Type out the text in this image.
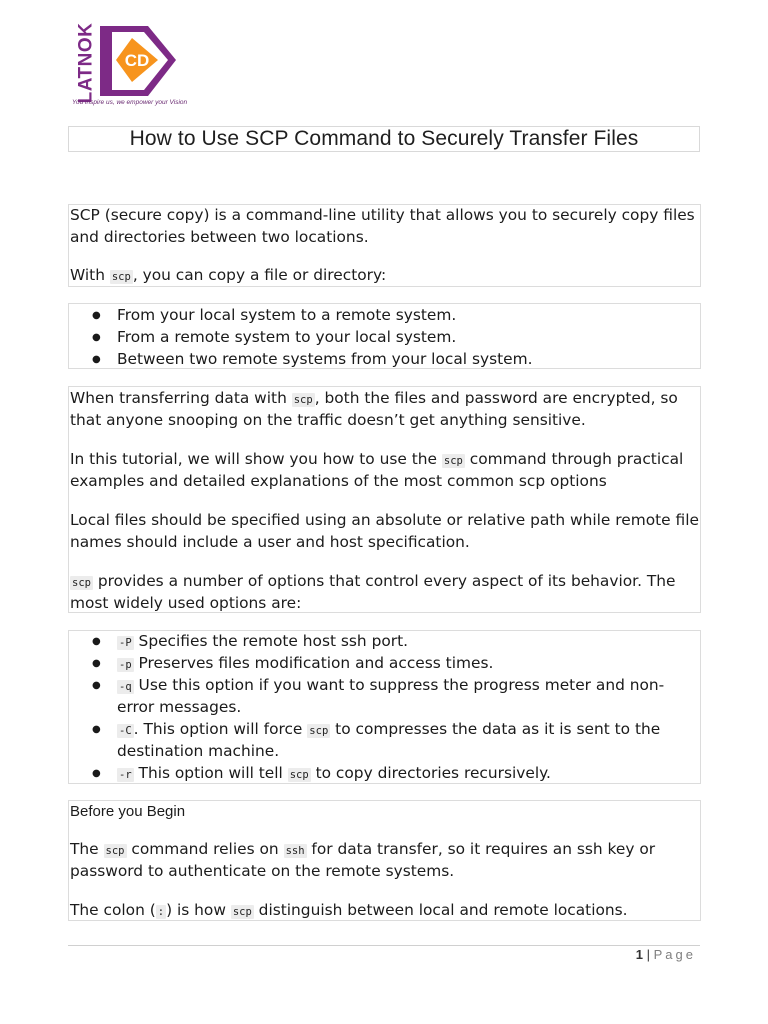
LATNOK CD
You inspire us, we empower your Vision
How to Use SCP Command to Securely Transfer Files
SCP (secure copy) is a command-line utility that allows you to securely copy files
and directories between two locations.
With scp , you can copy a file or directory:
● From your local system to a remote system.
● From a remote system to your local system.
● Between two remote systems from your local system.
When transferring data with scp , both the files and password are encrypted, so
that anyone snooping on the traffic doesn’t get anything sensitive.
In this tutorial, we will show you how to use the scp command through practical
examples and detailed explanations of the most common scp options
Local files should be specified using an absolute or relative path while remote file
names should include a user and host specification.
scp provides a number of options that control every aspect of its behavior. The
most widely used options are:
● -P Specifies the remote host ssh port.
● -p Preserves files modification and access times.
● -q Use this option if you want to suppress the progress meter and non-
error messages.
● -C . This option will force scp to compresses the data as it is sent to the
destination machine.
● -r This option will tell scp to copy directories recursively.
Before you Begin
The scp command relies on ssh for data transfer, so it requires an ssh key or
password to authenticate on the remote systems.
The colon ( : ) is how scp distinguish between local and remote locations.
1 | Page
